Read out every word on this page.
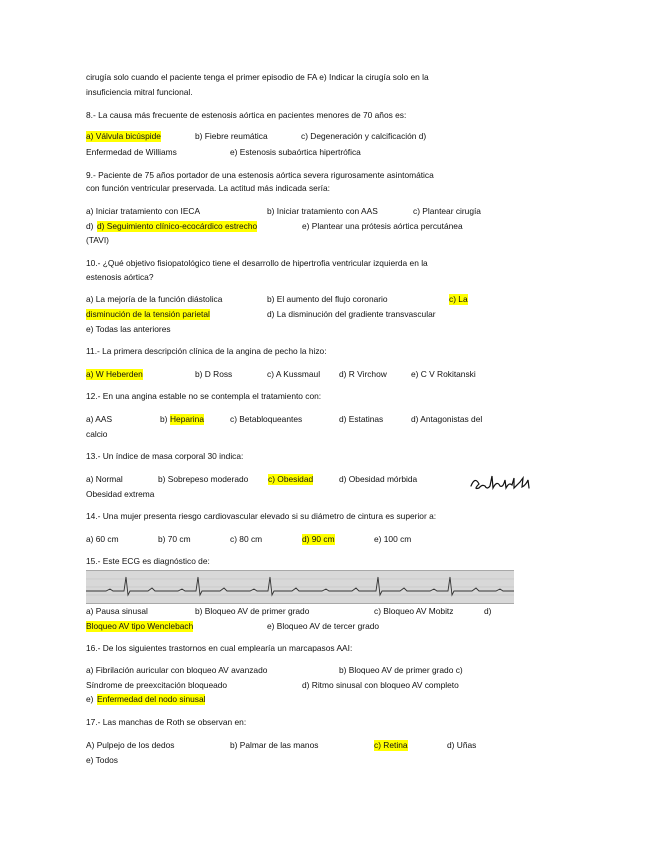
cirugía solo cuando el paciente tenga el primer episodio de FA e) Indicar la cirugía solo en la
insuficiencia mitral funcional.
8.- La causa más frecuente de estenosis aórtica en pacientes menores de 70 años es:
a) Válvula bicúspide	b) Fiebre reumática	c) Degeneración y calcificación d)
Enfermedad de Williams	e) Estenosis subaórtica hipertrófica
9.- Paciente de 75 años portador de una estenosis aórtica severa rigurosamente asintomática
con función ventricular preservada. La actitud más indicada sería:
a) Iniciar tratamiento con IECA	b) Iniciar tratamiento con AAS	c) Plantear cirugía
d) d) Seguimiento clínico-ecocárdico estrecho	e) Plantear una prótesis aórtica percutánea
(TAVI)
10.- ¿Qué objetivo fisiopatológico tiene el desarrollo de hipertrofia ventricular izquierda en la
estenosis aórtica?
a) La mejoría de la función diástolica	b) El aumento del flujo coronario	c) La
disminución de la tensión parietal	d) La disminución del gradiente transvascular
e) Todas las anteriores
11.- La primera descripción clínica de la angina de pecho la hizo:
a) W Heberden	b) D Ross	c) A Kussmaul d) R Virchow	e) C V Rokitanski
12.- En una angina estable no se contempla el tratamiento con:
a) AAS	b) Heparina	c) Betabloqueantes	d) Estatinas	d) Antagonistas del
calcio
13.- Un índice de masa corporal 30 indica:
a) Normal	b) Sobrepeso moderado c) Obesidad	d) Obesidad mórbida
Obesidad extrema
14.- Una mujer presenta riesgo cardiovascular elevado si su diámetro de cintura es superior a:
a) 60 cm	b) 70 cm	c) 80 cm	d) 90 cm	e) 100 cm
15.- Este ECG es diagnóstico de:
a) Pausa sinusal	b) Bloqueo AV de primer grado	c) Bloqueo AV Mobitz	d)
Bloqueo AV tipo Wenclebach	e) Bloqueo AV de tercer grado
16.- De los siguientes trastornos en cual emplearía un marcapasos AAI:
a) Fibrilación auricular con bloqueo AV avanzado	b) Bloqueo AV de primer grado c)
Síndrome de preexcitación bloqueado	d) Ritmo sinusal con bloqueo AV completo
e) Enfermedad del nodo sinusal
17.- Las manchas de Roth se observan en:
A) Pulpejo de los dedos	b) Palmar de las manos	c) Retina	d) Uñas
e) Todos
